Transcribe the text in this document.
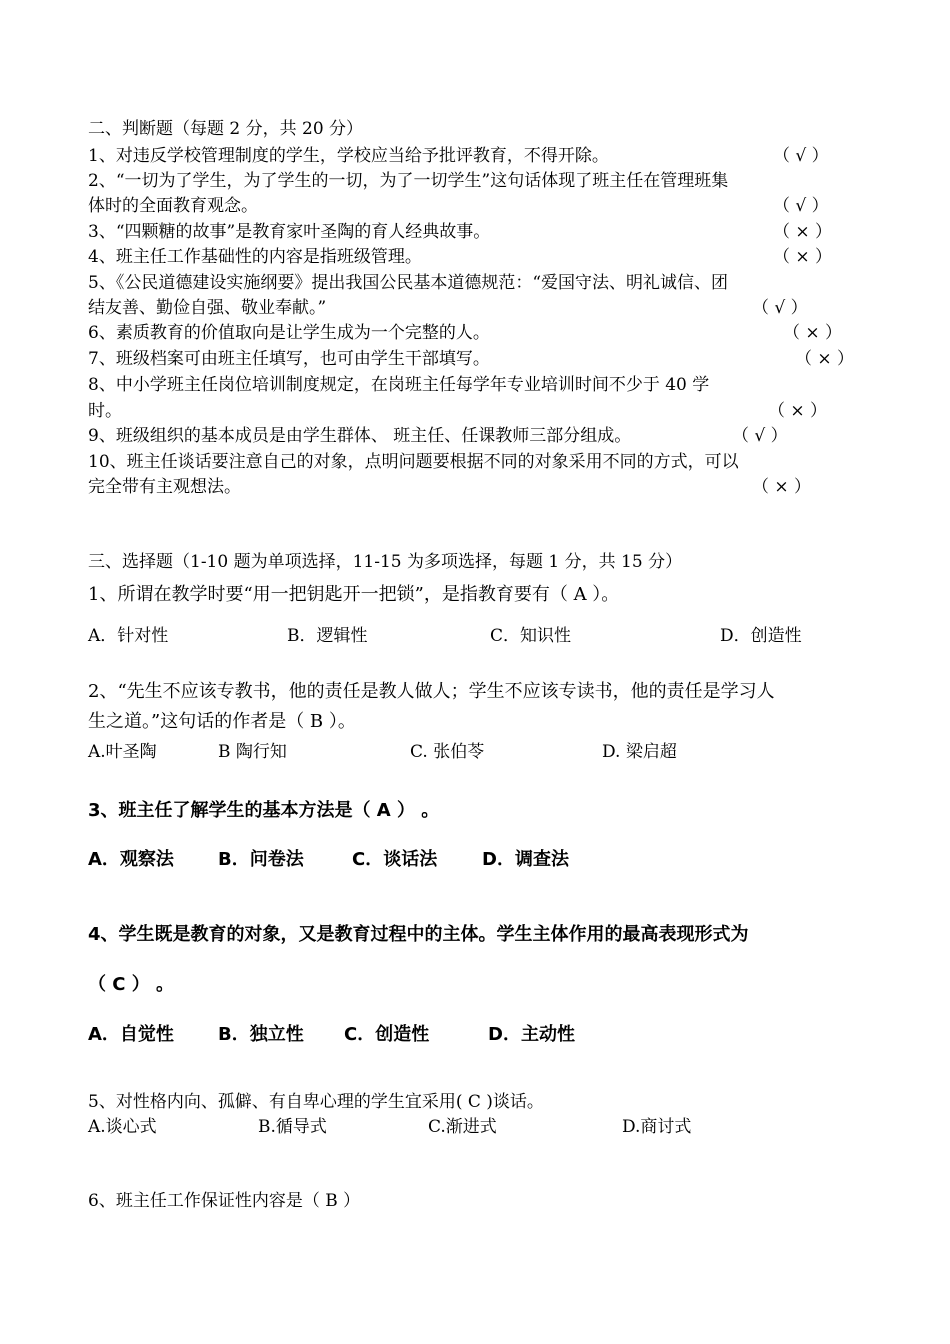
二、判断题（每题 2 分，共 20 分）
1、对违反学校管理制度的学生，学校应当给予批评教育，不得开除。	（ √ ）
2、“一切为了学生，为了学生的一切，为了一切学生”这句话体现了班主任在管理班集
体时的全面教育观念。	（ √ ）
3、“四颗糖的故事”是教育家叶圣陶的育人经典故事。	（ × ）
4、班主任工作基础性的内容是指班级管理。	（ × ）
5、《公民道德建设实施纲要》提出我国公民基本道德规范：“爱国守法、明礼诚信、团
结友善、勤俭自强、敬业奉献。”	（ √ ）
6、素质教育的价值取向是让学生成为一个完整的人。	（ × ）
7、班级档案可由班主任填写，也可由学生干部填写。	（ × ）
8、中小学班主任岗位培训制度规定，在岗班主任每学年专业培训时间不少于 40 学
时。	（ × ）
9、班级组织的基本成员是由学生群体、 班主任、任课教师三部分组成。	（ √ ）
10、班主任谈话要注意自己的对象，点明问题要根据不同的对象采用不同的方式，可以
完全带有主观想法。	（ × ）
三、选择题（1-10 题为单项选择，11-15 为多项选择，每题 1 分，共 15 分）
1、所谓在教学时要“用一把钥匙开一把锁”，是指教育要有（ A ）。
A．针对性	B．逻辑性	C．知识性	D．创造性
2、“先生不应该专教书，他的责任是教人做人；学生不应该专读书，他的责任是学习人
生之道。”这句话的作者是（ B ）。
A.叶圣陶	B 陶行知	C. 张伯苓	D. 梁启超
3、班主任了解学生的基本方法是（ A ） 。
A．观察法 B．问卷法	C．谈话法 D．调查法
4、学生既是教育的对象，又是教育过程中的主体。学生主体作用的最高表现形式为
（ C ） 。
A．自觉性 B．独立性 C．创造性	D．主动性
5、对性格内向、孤僻、有自卑心理的学生宜采用( C )谈话。
A.谈心式	B.循导式	C.渐进式	D.商讨式
6、班主任工作保证性内容是（ B ）
